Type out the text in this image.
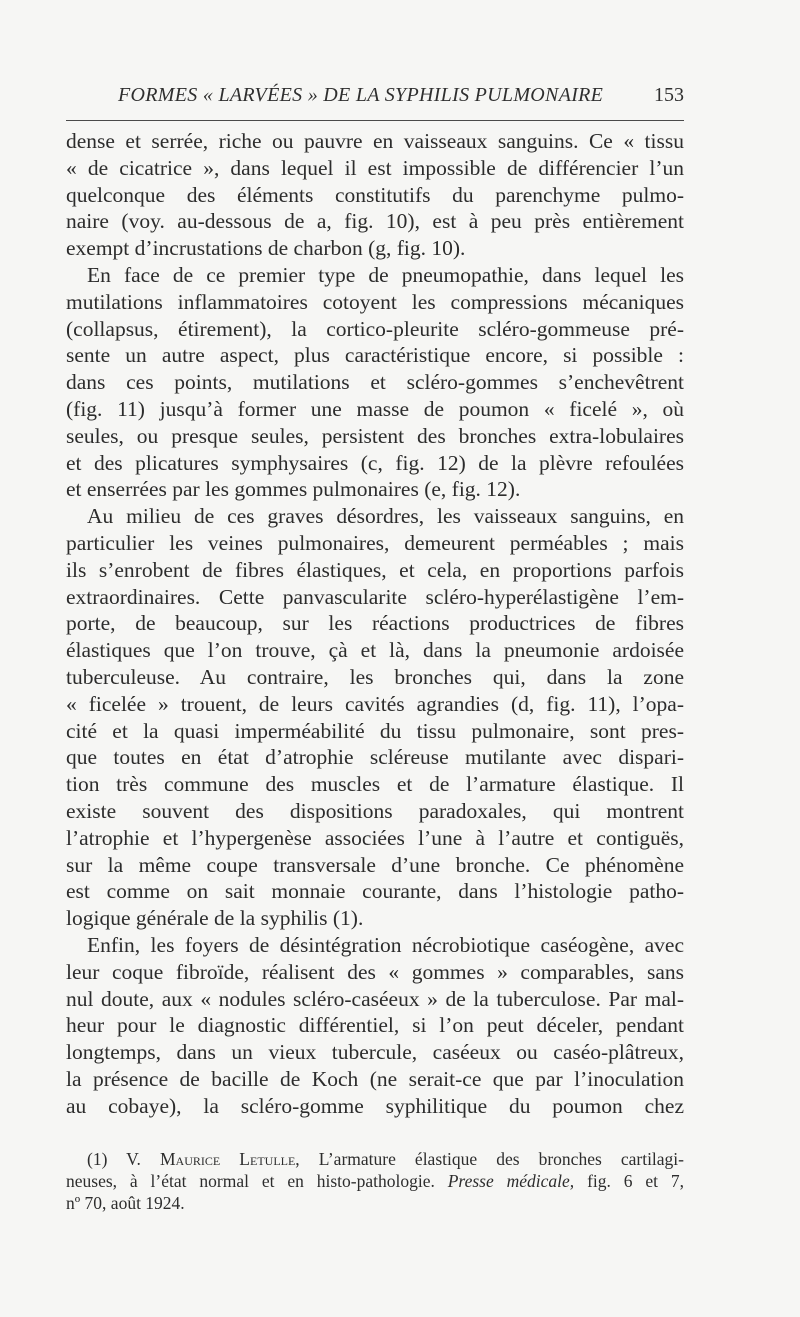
FORMES « LARVÉES » DE LA SYPHILIS PULMONAIRE	153
dense et serrée, riche ou pauvre en vaisseaux sanguins. Ce « tissu
« de cicatrice », dans lequel il est impossible de différencier l’un
quelconque des éléments constitutifs du parenchyme pulmo-
naire (voy. au-dessous de a, fig. 10), est à peu près entièrement
exempt d’incrustations de charbon (g, fig. 10).
En face de ce premier type de pneumopathie, dans lequel les
mutilations inflammatoires cotoyent les compressions mécaniques
(collapsus, étirement), la cortico-pleurite scléro-gommeuse pré-
sente un autre aspect, plus caractéristique encore, si possible :
dans ces points, mutilations et scléro-gommes s’enchevêtrent
(fig. 11) jusqu’à former une masse de poumon « ficelé », où
seules, ou presque seules, persistent des bronches extra-lobulaires
et des plicatures symphysaires (c, fig. 12) de la plèvre refoulées
et enserrées par les gommes pulmonaires (e, fig. 12).
Au milieu de ces graves désordres, les vaisseaux sanguins, en
particulier les veines pulmonaires, demeurent perméables ; mais
ils s’enrobent de fibres élastiques, et cela, en proportions parfois
extraordinaires. Cette panvascularite scléro-hyperélastigène l’em-
porte, de beaucoup, sur les réactions productrices de fibres
élastiques que l’on trouve, çà et là, dans la pneumonie ardoisée
tuberculeuse. Au contraire, les bronches qui, dans la zone
« ficelée » trouent, de leurs cavités agrandies (d, fig. 11), l’opa-
cité et la quasi imperméabilité du tissu pulmonaire, sont pres-
que toutes en état d’atrophie scléreuse mutilante avec dispari-
tion très commune des muscles et de l’armature élastique. Il
existe souvent des dispositions paradoxales, qui montrent
l’atrophie et l’hypergenèse associées l’une à l’autre et contiguës,
sur la même coupe transversale d’une bronche. Ce phénomène
est comme on sait monnaie courante, dans l’histologie patho-
logique générale de la syphilis (1).
Enfin, les foyers de désintégration nécrobiotique caséogène, avec
leur coque fibroïde, réalisent des « gommes » comparables, sans
nul doute, aux « nodules scléro-caséeux » de la tuberculose. Par mal-
heur pour le diagnostic différentiel, si l’on peut déceler, pendant
longtemps, dans un vieux tubercule, caséeux ou caséo-plâtreux,
la présence de bacille de Koch (ne serait-ce que par l’inoculation
au cobaye), la scléro-gomme syphilitique du poumon chez
(1) V. Maurice Letulle, L’armature élastique des bronches cartilagi-
neuses, à l’état normal et en histo-pathologie. Presse médicale, fig. 6 et 7,
nº 70, août 1924.
